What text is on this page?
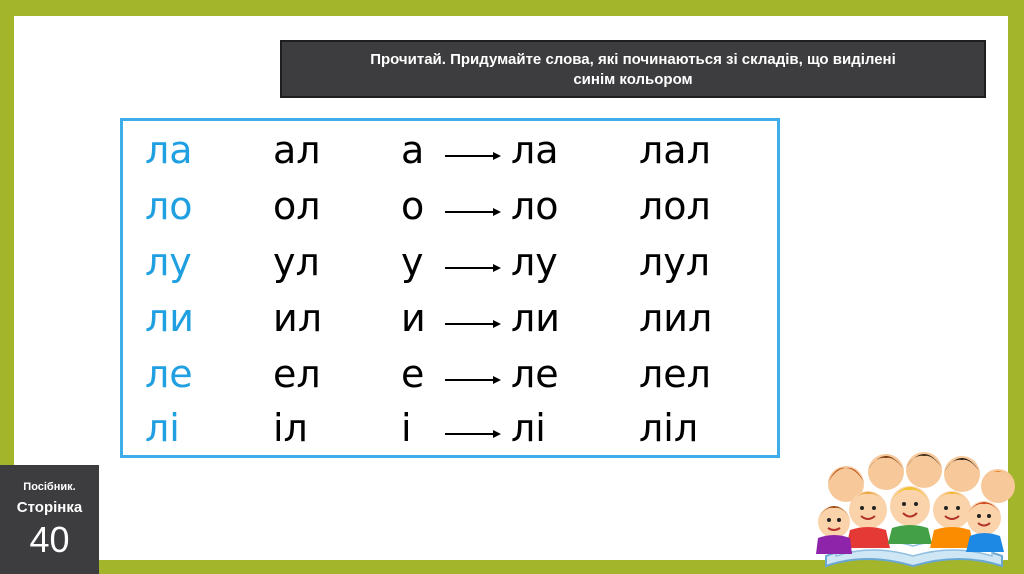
Прочитай. Придумайте слова, які починаються зі складів, що виділені
синім кольором
ла ал а ла лал
ло ол о ло лол
лу ул у лу лул
ли ил и ли лил
ле ел е ле лел
лі іл і	лі ліл
Посібник.
Сторінка
40
